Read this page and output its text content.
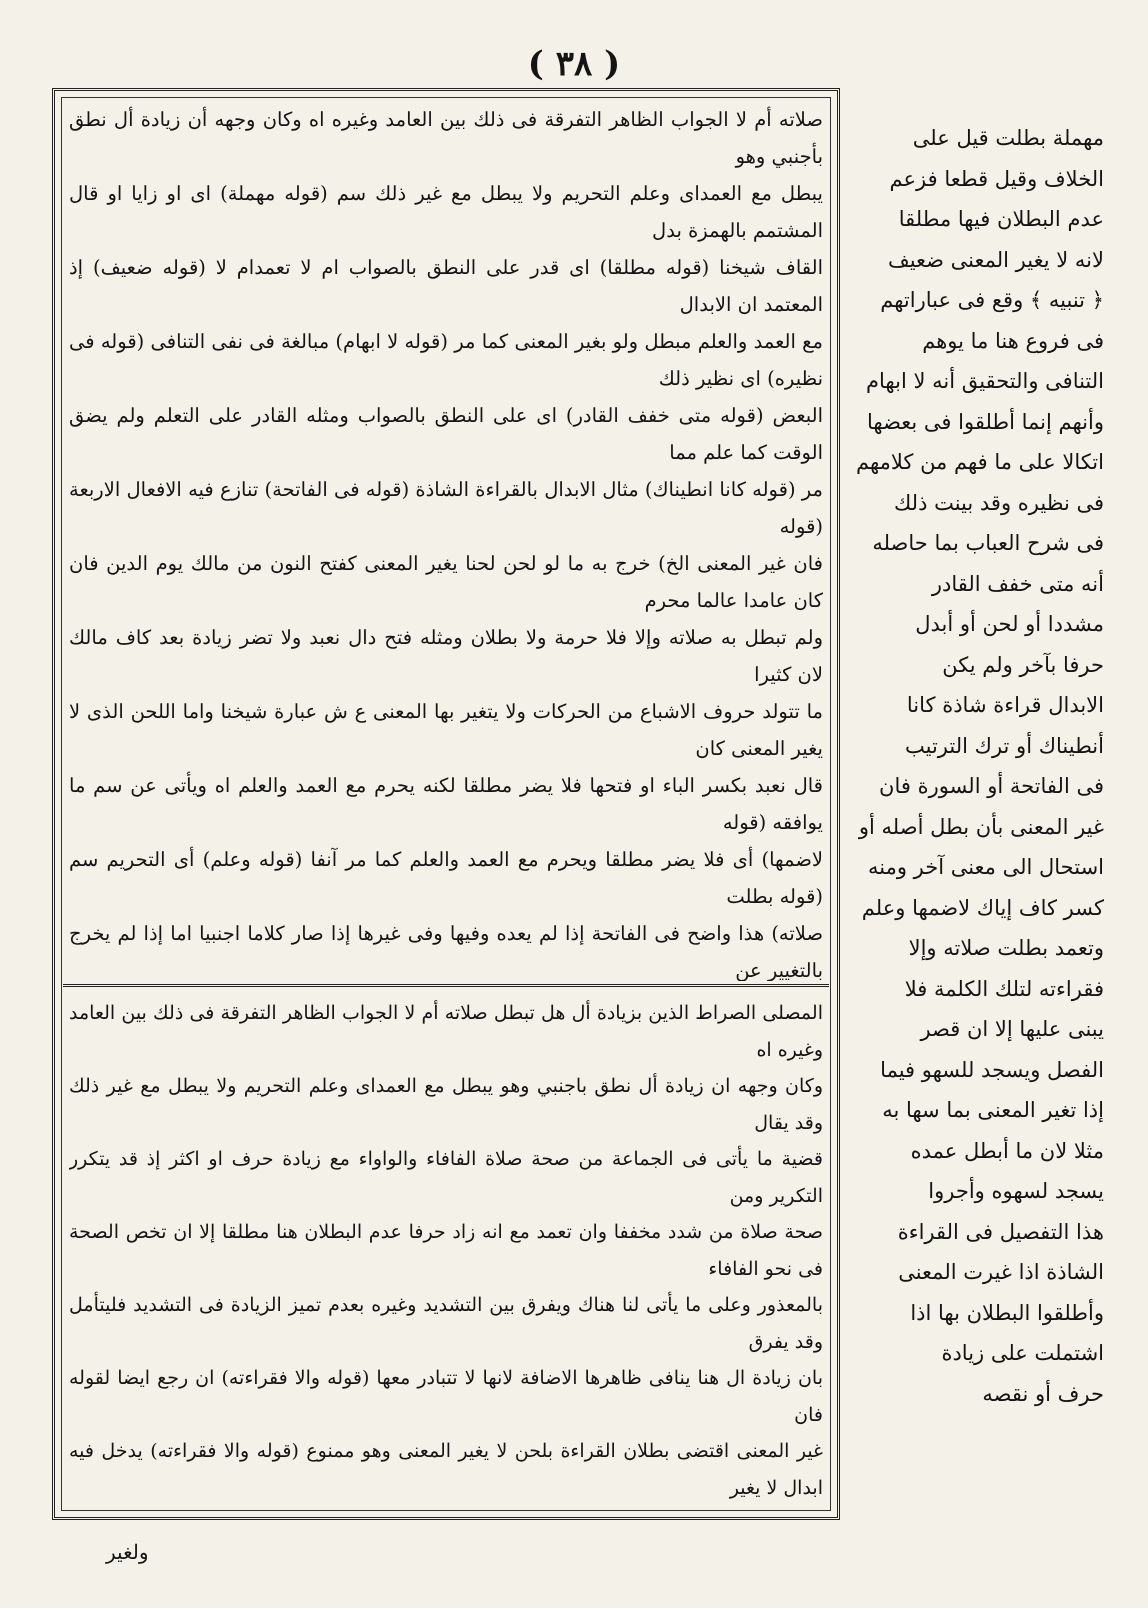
( ٣٨ )
صلاته أم لا الجواب الظاهر التفرقة فى ذلك بين العامد وغيره اه وكان وجهه أن زيادة أل نطق بأجنبي وهو
يبطل مع العمداى وعلم التحريم ولا يبطل مع غير ذلك سم (قوله مهملة) اى او زايا او قال المشتمم بالهمزة بدل
القاف شيخنا (قوله مطلقا) اى قدر على النطق بالصواب ام لا تعمدام لا (قوله ضعيف) إذ المعتمد ان الابدال
مع العمد والعلم مبطل ولو بغير المعنى كما مر (قوله لا ابهام) مبالغة فى نفى التنافى (قوله فى نظيره) اى نظير ذلك
البعض (قوله متى خفف القادر) اى على النطق بالصواب ومثله القادر على التعلم ولم يضق الوقت كما علم مما
مر (قوله كانا انطيناك) مثال الابدال بالقراءة الشاذة (قوله فى الفاتحة) تنازع فيه الافعال الاربعة (قوله
فان غير المعنى الخ) خرج به ما لو لحن لحنا يغير المعنى كفتح النون من مالك يوم الدين فان كان عامدا عالما محرم
ولم تبطل به صلاته وإلا فلا حرمة ولا بطلان ومثله فتح دال نعبد ولا تضر زيادة بعد كاف مالك لان كثيرا
ما تتولد حروف الاشباع من الحركات ولا يتغير بها المعنى ع ش عبارة شيخنا واما اللحن الذى لا يغير المعنى كان
قال نعبد بكسر الباء او فتحها فلا يضر مطلقا لكنه يحرم مع العمد والعلم اه ويأتى عن سم ما يوافقه (قوله
لاضمها) أى فلا يضر مطلقا ويحرم مع العمد والعلم كما مر آنفا (قوله وعلم) أى التحريم سم (قوله بطلت
صلاته) هذا واضح فى الفاتحة إذا لم يعده وفيها وفى غيرها إذا صار كلاما اجنبيا اما إذا لم يخرج بالتغيير عن
المصلى الصراط الذين بزيادة أل هل تبطل صلاته أم لا الجواب الظاهر التفرقة فى ذلك بين العامد وغيره اه
وكان وجهه ان زيادة أل نطق باجنبي وهو يبطل مع العمداى وعلم التحريم ولا يبطل مع غير ذلك وقد يقال
قضية ما يأتى فى الجماعة من صحة صلاة الفافاء والواواء مع زيادة حرف او اكثر إذ قد يتكرر التكرير ومن
صحة صلاة من شدد مخففا وان تعمد مع انه زاد حرفا عدم البطلان هنا مطلقا إلا ان تخص الصحة فى نحو الفافاء
بالمعذور وعلى ما يأتى لنا هناك ويفرق بين التشديد وغيره بعدم تميز الزيادة فى التشديد فليتأمل وقد يفرق
بان زيادة ال هنا ينافى ظاهرها الاضافة لانها لا تتبادر معها (قوله والا فقراءته) ان رجع ايضا لقوله فان
غير المعنى اقتضى بطلان القراءة بلحن لا يغير المعنى وهو ممنوع (قوله والا فقراءته) يدخل فيه ابدال لا يغير
مهملة بطلت قيل على
الخلاف وقيل قطعا فزعم
عدم البطلان فيها مطلقا
لانه لا يغير المعنى ضعيف
﴿ تنبيه ﴾ وقع فى عباراتهم
فى فروع هنا ما يوهم
التنافى والتحقيق أنه لا ابهام
وأنهم إنما أطلقوا فى بعضها
اتكالا على ما فهم من كلامهم
فى نظيره وقد بينت ذلك
فى شرح العباب بما حاصله
أنه متى خفف القادر
مشددا أو لحن أو أبدل
حرفا بآخر ولم يكن
الابدال قراءة شاذة كانا
أنطيناك أو ترك الترتيب
فى الفاتحة أو السورة فان
غير المعنى بأن بطل أصله أو
استحال الى معنى آخر ومنه
كسر كاف إياك لاضمها وعلم
وتعمد بطلت صلاته وإلا
فقراءته لتلك الكلمة فلا
يبنى عليها إلا ان قصر
الفصل ويسجد للسهو فيما
إذا تغير المعنى بما سها به
مثلا لان ما أبطل عمده
يسجد لسهوه وأجروا
هذا التفصيل فى القراءة
الشاذة اذا غيرت المعنى
وأطلقوا البطلان بها اذا
اشتملت على زيادة
حرف أو نقصه
ولغير
